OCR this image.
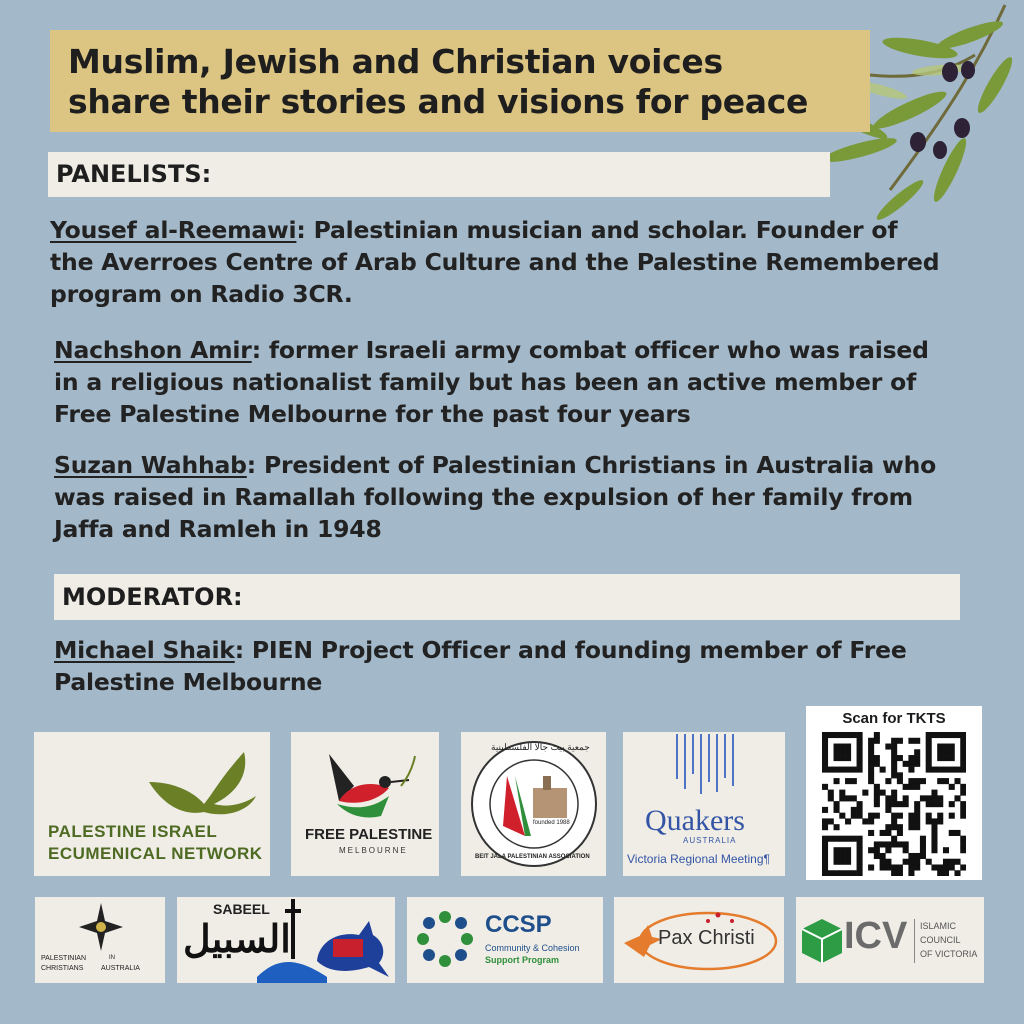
Muslim, Jewish and Christian voices
share their stories and visions for peace
PANELISTS:
Yousef al-Reemawi: Palestinian musician and scholar. Founder of
the Averroes Centre of Arab Culture and the Palestine Remembered
program on Radio 3CR.
Nachshon Amir: former Israeli army combat officer who was raised
in a religious nationalist family but has been an active member of
Free Palestine Melbourne for the past four years
Suzan Wahhab: President of Palestinian Christians in Australia who
was raised in Ramallah following the expulsion of her family from
Jaffa and Ramleh in 1948
MODERATOR:
Michael Shaik: PIEN Project Officer and founding member of Free
Palestine Melbourne
PALESTINE ISRAEL
ECUMENICAL NETWORK
FREE PALESTINE
MELBOURNE
جمعية بيت جالا الفلسطينية
founded 1988
BEIT JALA PALESTINIAN ASSOCIATION
Quakers
AUSTRALIA
Victoria Regional Meeting¶
Scan for TKTS
PALESTINIAN	IN
CHRISTIANS	AUSTRALIA
SABEEL
السبيل	CCSP
Community & Cohesion
Support Program
Pax Christi ICV ISLAMIC
COUNCIL
OF VICTORIA
